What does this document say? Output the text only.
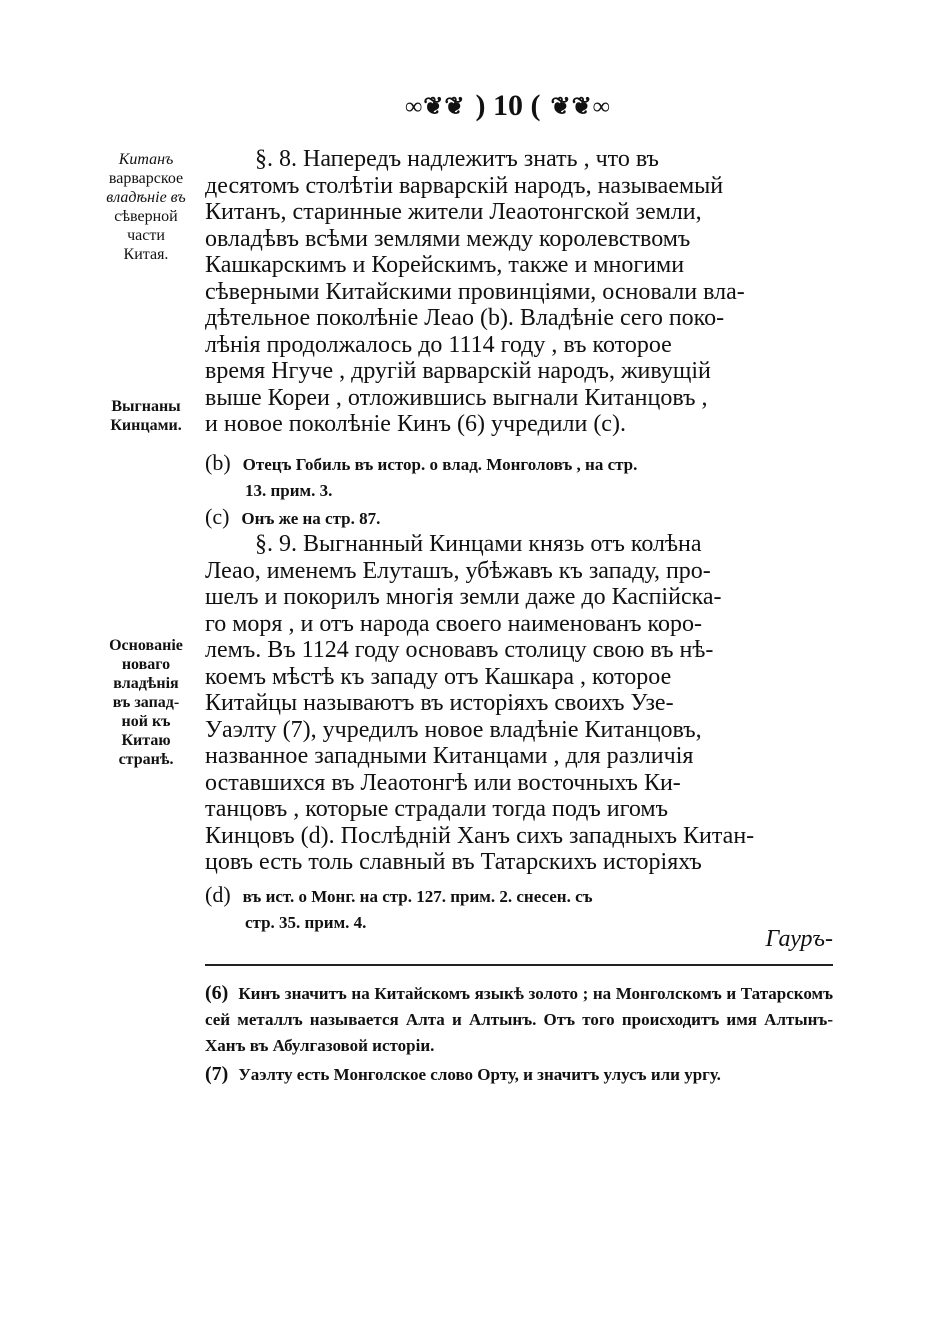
∞❦❦ ) 10 ( ❦❦∞
Китанъ
варварское
владѣніе въ
сѣверной
части
Китая.
Выгнаны
Кинцами.
Основаніе
новаго
владѣнія
въ запад-
ной къ
Китаю
странѣ.
§. 8. Напередъ надлежитъ знать , что въ
десятомъ столѣтіи варварскій народъ, называемый
Китанъ, старинные жители Леаотонгской земли,
овладѣвъ всѣми землями между королевствомъ
Кашкарскимъ и Корейскимъ, также и многими
сѣверными Китайскими провинціями, основали вла-
дѣтельное поколѣніе Леао (b). Владѣніе сего поко-
лѣнія продолжалось до 1114 году , въ которое
время Нгуче , другій варварскій народъ, живущій
выше Кореи , отложившись выгнали Китанцовъ ,
и новое поколѣніе Кинъ (6) учредили (c).
(b) Отецъ Гобиль въ истор. о влад. Монголовъ , на стр.
13. прим. 3.
(c) Онъ же на стр. 87.
§. 9. Выгнанный Кинцами князь отъ колѣна
Леао, именемъ Елуташъ, убѣжавъ къ западу, про-
шелъ и покорилъ многія земли даже до Каспійска-
го моря , и отъ народа своего наименованъ коро-
лемъ. Въ 1124 году основавъ столицу свою въ нѣ-
коемъ мѣстѣ къ западу отъ Кашкара , которое
Китайцы называютъ въ исторіяхъ своихъ Узе-
Уаэлту (7), учредилъ новое владѣніе Китанцовъ,
названное западными Китанцами , для различія
оставшихся въ Леаотонгѣ или восточныхъ Ки-
танцовъ , которые страдали тогда подъ игомъ
Кинцовъ (d). Послѣдній Ханъ сихъ западныхъ Китан-
цовъ есть толь славный въ Татарскихъ исторіяхъ
(d) въ ист. о Монг. на стр. 127. прим. 2. снесен. съ
стр. 35. прим. 4.
Гауръ-
(6) Кинъ значитъ на Китайскомъ языкѣ золото ; на Монголскомъ и Татарскомъ сей металлъ называется Алта и Алтынъ. Отъ того происходитъ имя Алтынъ-Ханъ въ Абулгазовой исторіи.
(7) Уаэлту есть Монголское слово Орту, и значитъ улусъ или ургу.
